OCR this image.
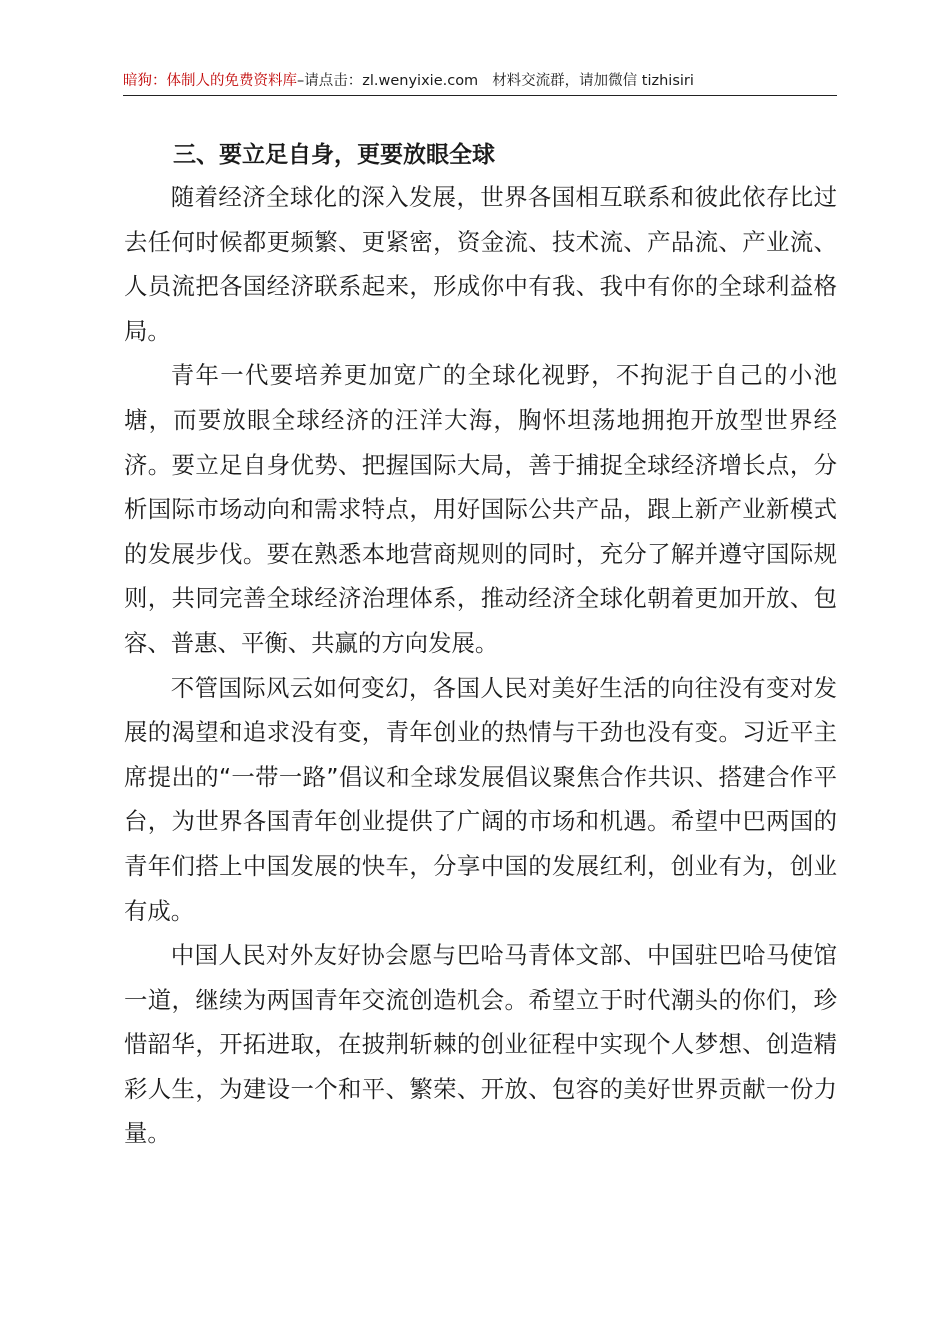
暗狗：体制人的免费资料库–请点击：zl.wenyixie.com 材料交流群，请加微信 tizhisiri
三、要立足自身，更要放眼全球

随着经济全球化的深入发展，世界各国相互联系和彼此依存比过去任何时候都更频繁、更紧密，资金流、技术流、产品流、产业流、人员流把各国经济联系起来，形成你中有我、我中有你的全球利益格局。

青年一代要培养更加宽广的全球化视野，不拘泥于自己的小池塘，而要放眼全球经济的汪洋大海，胸怀坦荡地拥抱开放型世界经济。要立足自身优势、把握国际大局，善于捕捉全球经济增长点，分析国际市场动向和需求特点，用好国际公共产品，跟上新产业新模式的发展步伐。要在熟悉本地营商规则的同时，充分了解并遵守国际规则，共同完善全球经济治理体系，推动经济全球化朝着更加开放、包容、普惠、平衡、共赢的方向发展。

不管国际风云如何变幻，各国人民对美好生活的向往没有变对发展的渴望和追求没有变，青年创业的热情与干劲也没有变。习近平主席提出的“一带一路”倡议和全球发展倡议聚焦合作共识、搭建合作平台，为世界各国青年创业提供了广阔的市场和机遇。希望中巴两国的青年们搭上中国发展的快车，分享中国的发展红利，创业有为，创业有成。

中国人民对外友好协会愿与巴哈马青体文部、中国驻巴哈马使馆一道，继续为两国青年交流创造机会。希望立于时代潮头的你们，珍惜韶华，开拓进取，在披荆斩棘的创业征程中实现个人梦想、创造精彩人生，为建设一个和平、繁荣、开放、包容的美好世界贡献一份力量。
